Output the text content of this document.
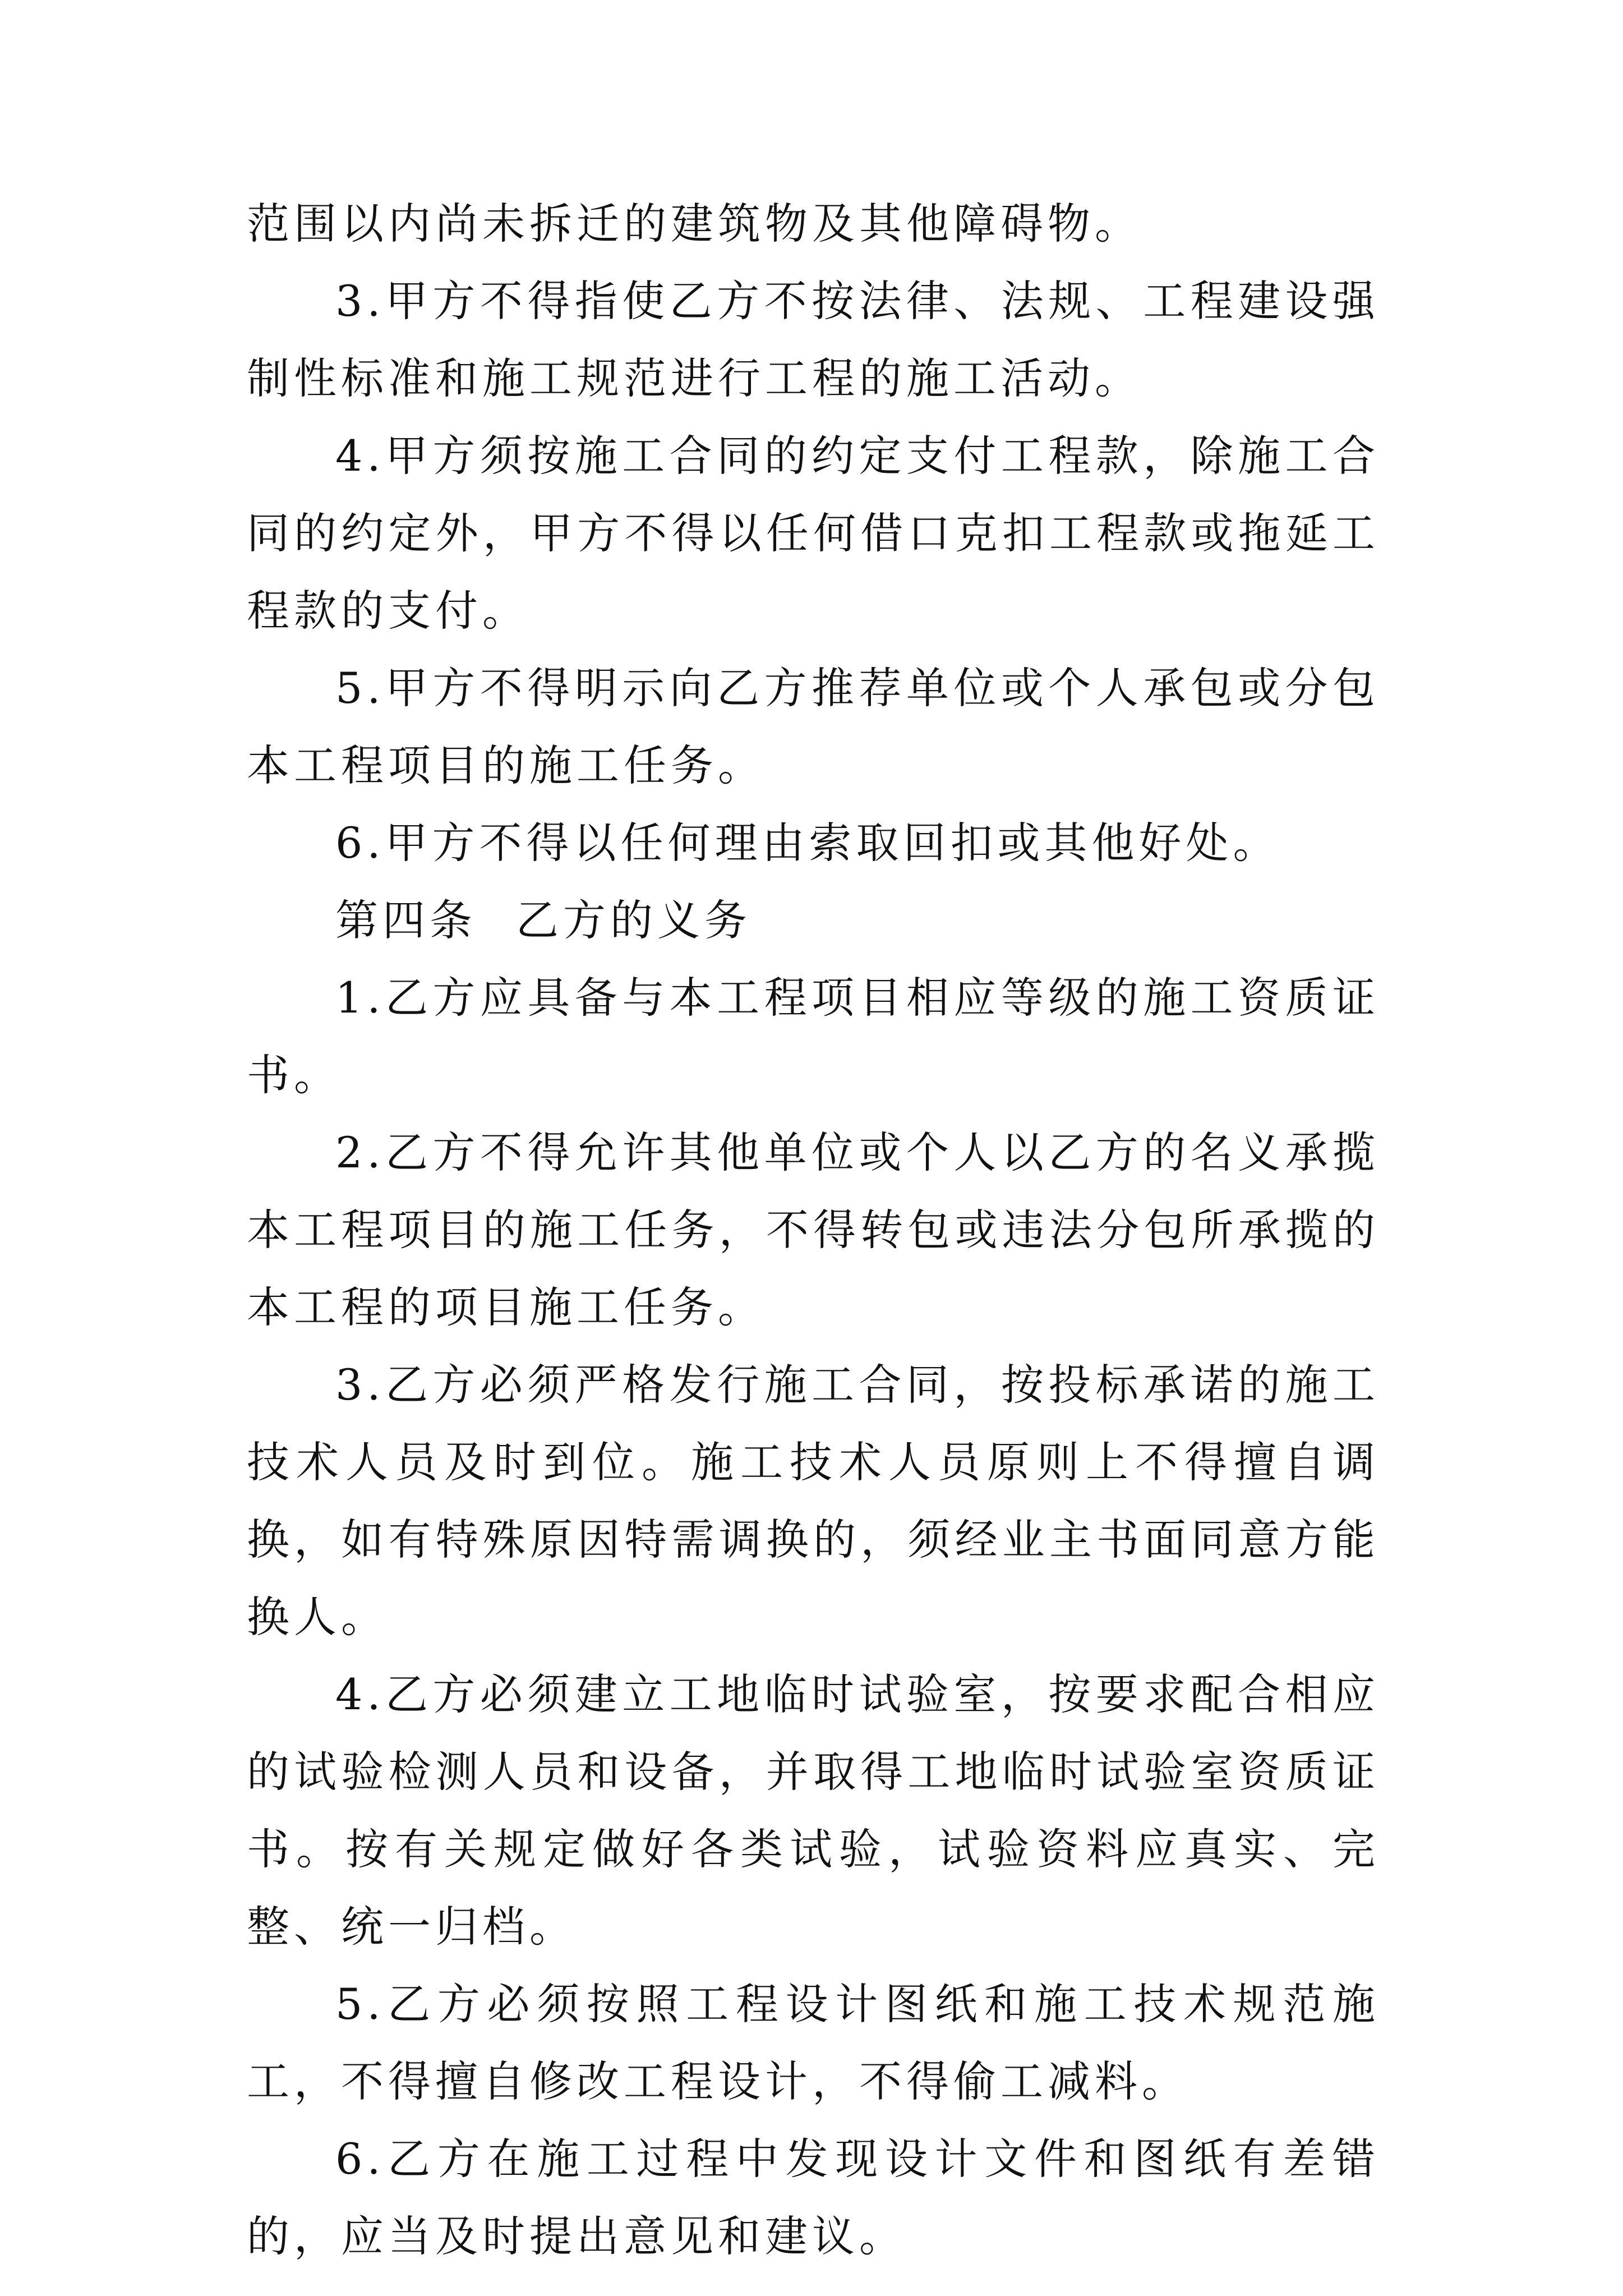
范围以内尚未拆迁的建筑物及其他障碍物。

3.甲方不得指使乙方不按法律、法规、工程建设强制性标准和施工规范进行工程的施工活动。

4.甲方须按施工合同的约定支付工程款，除施工合同的约定外，甲方不得以任何借口克扣工程款或拖延工程款的支付。

5.甲方不得明示向乙方推荐单位或个人承包或分包本工程项目的施工任务。

6.甲方不得以任何理由索取回扣或其他好处。

第四条 乙方的义务

1.乙方应具备与本工程项目相应等级的施工资质证书。

2.乙方不得允许其他单位或个人以乙方的名义承揽本工程项目的施工任务，不得转包或违法分包所承揽的本工程的项目施工任务。

3.乙方必须严格发行施工合同，按投标承诺的施工技术人员及时到位。施工技术人员原则上不得擅自调换，如有特殊原因特需调换的，须经业主书面同意方能换人。

4.乙方必须建立工地临时试验室，按要求配合相应的试验检测人员和设备，并取得工地临时试验室资质证书。按有关规定做好各类试验，试验资料应真实、完整、统一归档。

5.乙方必须按照工程设计图纸和施工技术规范施工，不得擅自修改工程设计，不得偷工减料。

6.乙方在施工过程中发现设计文件和图纸有差错的，应当及时提出意见和建议。
